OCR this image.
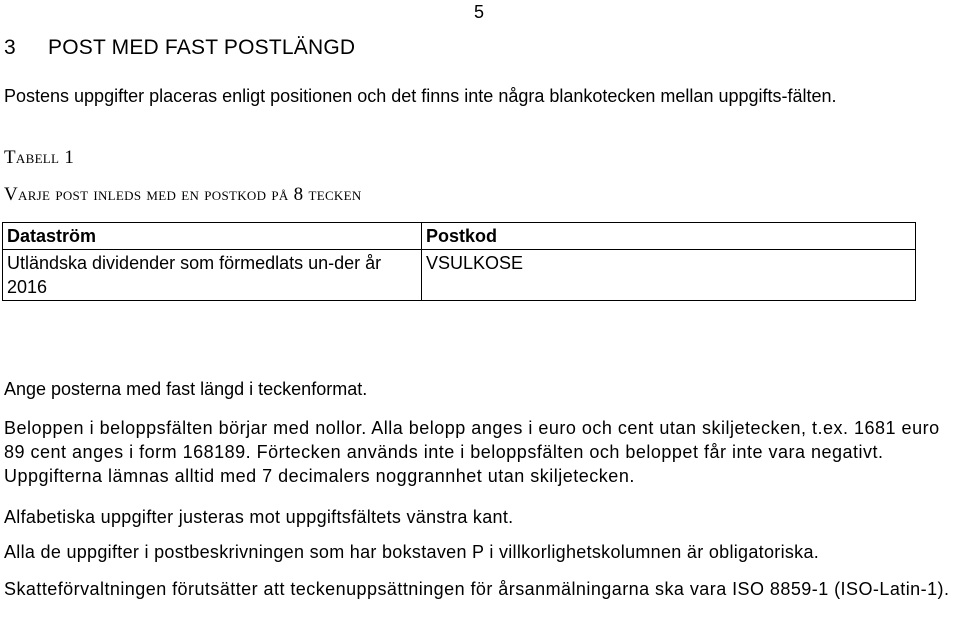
5
3 POST MED FAST POSTLÄNGD
Postens uppgifter placeras enligt positionen och det finns inte några blankotecken mellan uppgifts-fälten.
Tabell 1
Varje post inleds med en postkod på 8 tecken
Dataström	Postkod
Utländska dividender som förmedlats un-der år 2016	VSULKOSE
Ange posterna med fast längd i teckenformat.
Beloppen i beloppsfälten börjar med nollor. Alla belopp anges i euro och cent utan skiljetecken, t.ex. 1681 euro 89 cent anges i form 168189. Förtecken används inte i beloppsfälten och beloppet får inte vara negativt. Uppgifterna lämnas alltid med 7 decimalers noggrannhet utan skiljetecken.
Alfabetiska uppgifter justeras mot uppgiftsfältets vänstra kant.
Alla de uppgifter i postbeskrivningen som har bokstaven P i villkorlighetskolumnen är obligatoriska.
Skatteförvaltningen förutsätter att teckenuppsättningen för årsanmälningarna ska vara ISO 8859-1 (ISO-Latin-1).
